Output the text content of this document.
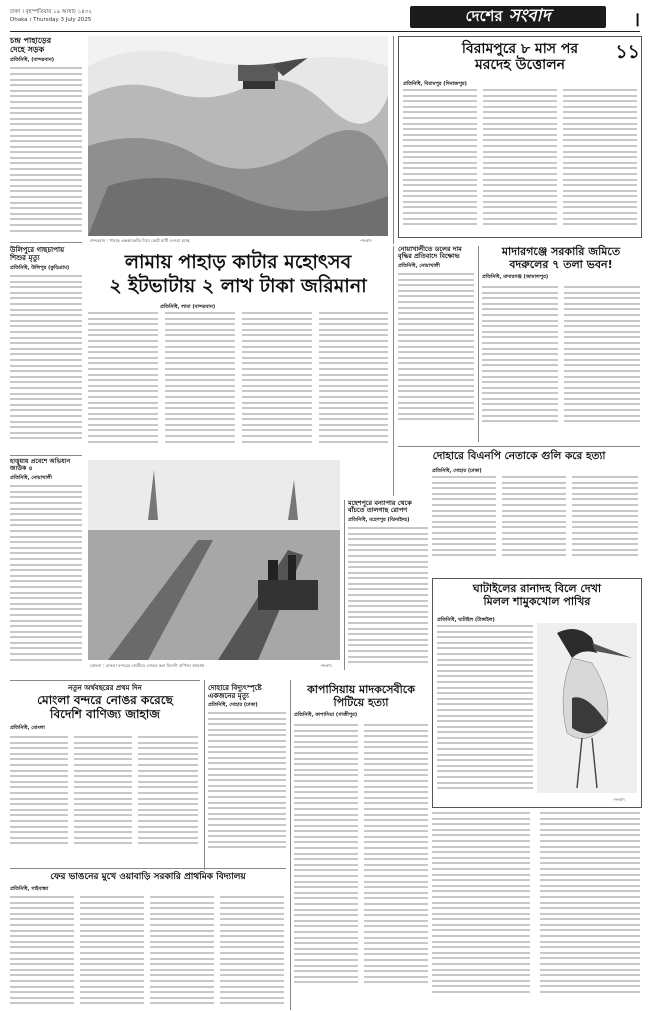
ঢাকা । বৃহস্পতিবার ১৯ আষাঢ় ১৪৩২
Dhaka । Thursday 3 July 2025	দেশের সংবাদ	।১১
চন্দ্র পাহাড়ের
দেহে সড়ক
প্রতিনিধি, (বান্দরবান)
বান্দরবান : পাহাড় এক্সকাভেটর দিয়ে কেটে মাটি নেওয়া হচ্ছে	-সংবাদ
বিরামপুরে ৮ মাস পর
মরদেহ উত্তোলন
প্রতিনিধি, বিরামপুর (দিনাজপুর)
উলিপুরে গাছচাপায়
শিশুর মৃত্যু
প্রতিনিধি, উলিপুর (কুড়িগ্রাম)	লামায় পাহাড় কাটার মহোৎসব
২ ইটভাটায় ২ লাখ টাকা জরিমানা
প্রতিনিধি, লামা (বান্দরবান)
নোয়াখালীতে ডলের দাম
বৃদ্ধির প্রতিবাদে বিক্ষোভ
প্রতিনিধি, নোয়াখালী
মাদারগঞ্জে সরকারি জমিতে
বদরুলের ৭ তলা ভবন!
প্রতিনিধি, মাদারগঞ্জ (জামালপুর)
হাত্তুয়ায় প্রবেশে অভিযান জাউক ৪
প্রতিনিধি, নোয়াখালী
মোংলা : মোংলা বন্দরের জেটিতে নোঙর করা বিদেশি বাণিজ্য জাহাজ	-সংবাদ
মহেশপুরে বন্যাপার থেকে
বাঁচতে তালগাছ রোপণ
প্রতিনিধি, মহেশপুর (ঝিনাইদহ)
দোহারে বিএনপি নেতাকে গুলি করে হত্যা
প্রতিনিধি, দোহার (ঢাকা)
ঘাটাইলের রানাদহ বিলে দেখা
মিলল শামুকখোল পাখির
প্রতিনিধি, ঘাটাইল (টাঙ্গাইল)
-সংবাদ
নতুন অর্থবছরের প্রথম দিন
মোংলা বন্দরে নোঙর করেছে
বিদেশি বাণিজ্য জাহাজ
প্রতিনিধি, মোংলা
দোহারে বিদ্যুৎস্পৃষ্টে
একজনের মৃত্যু
প্রতিনিধি, দোহার (ঢাকা)
কাপাসিয়ায় মাদকসেবীকে
পিটিয়ে হত্যা
প্রতিনিধি, কাপাসিয়া (গাজীপুর)
ফের ভাঙনের মুখে ওয়াবাড়ি সরকারি প্রাথমিক বিদ্যালয়
প্রতিনিধি, গাইবান্ধা
